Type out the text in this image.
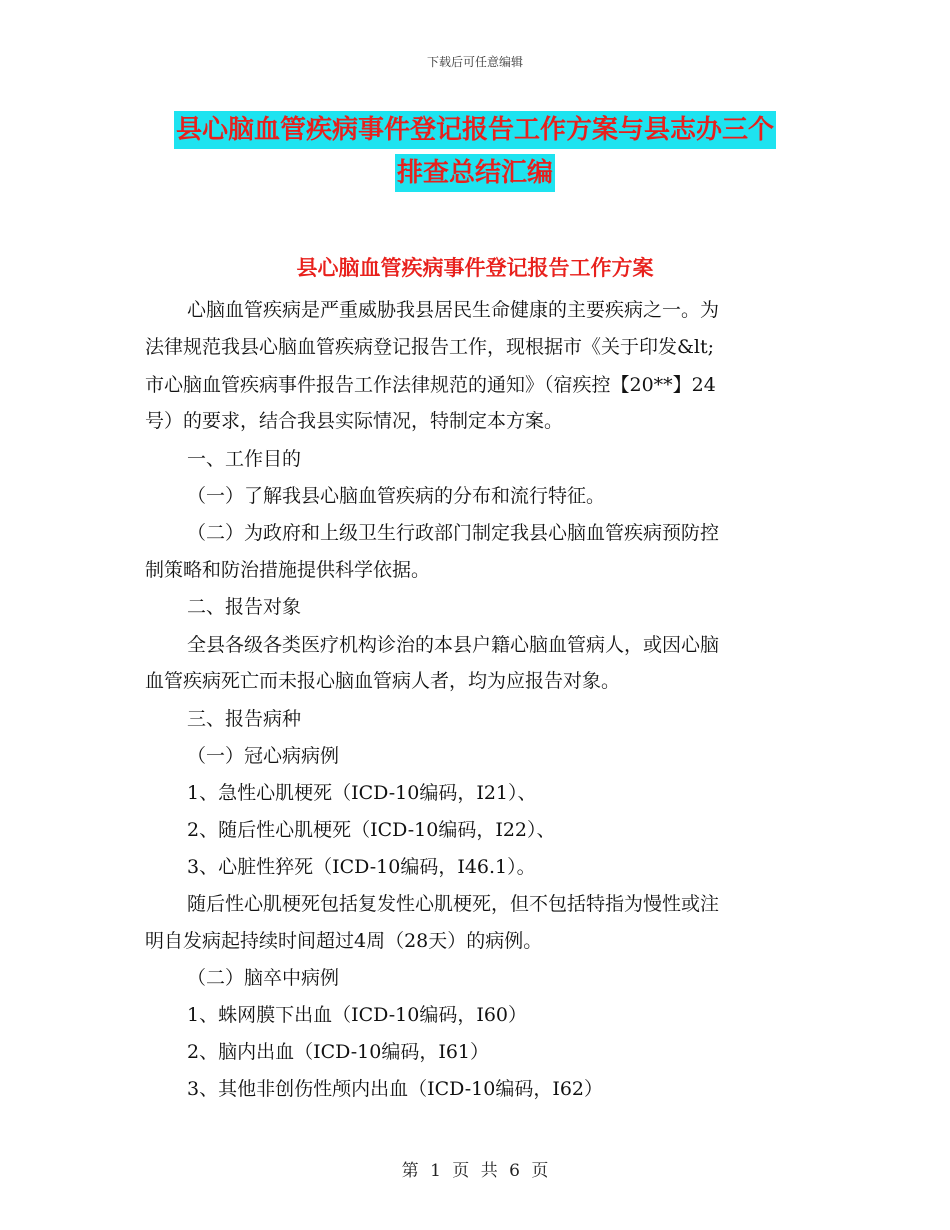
下载后可任意编辑
县心脑血管疾病事件登记报告工作方案与县志办三个
排查总结汇编
县心脑血管疾病事件登记报告工作方案
心脑血管疾病是严重威胁我县居民生命健康的主要疾病之一。为
法律规范我县心脑血管疾病登记报告工作，现根据市《关于印发&lt;
市心脑血管疾病事件报告工作法律规范的通知》（宿疾控【20**】24
号）的要求，结合我县实际情况，特制定本方案。
一、工作目的
（一）了解我县心脑血管疾病的分布和流行特征。
（二）为政府和上级卫生行政部门制定我县心脑血管疾病预防控
制策略和防治措施提供科学依据。
二、报告对象
全县各级各类医疗机构诊治的本县户籍心脑血管病人，或因心脑
血管疾病死亡而未报心脑血管病人者，均为应报告对象。
三、报告病种
（一）冠心病病例
1、急性心肌梗死（ICD-10编码，I21）、
2、随后性心肌梗死（ICD-10编码，I22）、
3、心脏性猝死（ICD-10编码，I46.1）。
随后性心肌梗死包括复发性心肌梗死，但不包括特指为慢性或注
明自发病起持续时间超过4周（28天）的病例。
（二）脑卒中病例
1、蛛网膜下出血（ICD-10编码，I60）
2、脑内出血（ICD-10编码，I61）
3、其他非创伤性颅内出血（ICD-10编码，I62）
第 1 页 共 6 页
